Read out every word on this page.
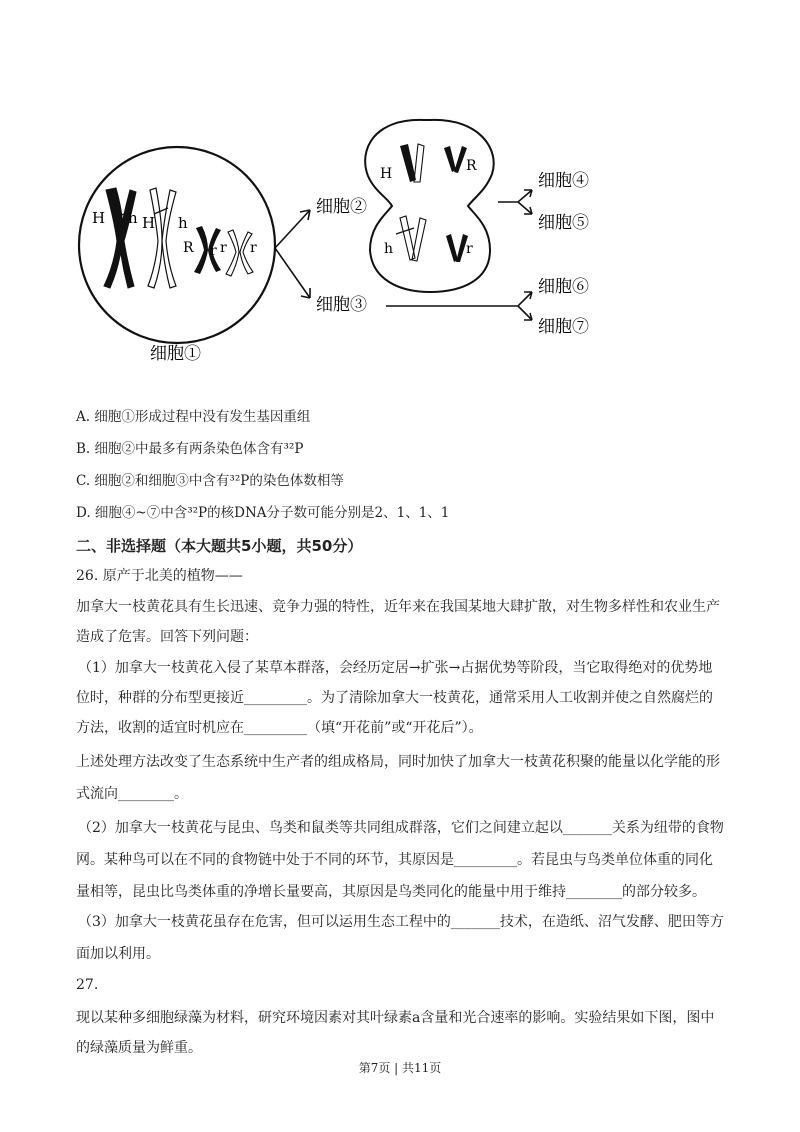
H h H h
R r r r
细胞①
细胞②
细胞③
H	R
h	r
细胞④
细胞⑤
细胞⑥
细胞⑦
A. 细胞①形成过程中没有发生基因重组
B. 细胞②中最多有两条染色体含有³²P
C. 细胞②和细胞③中含有³²P的染色体数相等
D. 细胞④~⑦中含³²P的核DNA分子数可能分别是2、1、1、1
二、非选择题（本大题共5小题，共50分）
26. 原产于北美的植物——
加拿大一枝黄花具有生长迅速、竞争力强的特性，近年来在我国某地大肆扩散，对生物多样性和农业生产
造成了危害。回答下列问题：
（1）加拿大一枝黄花入侵了某草本群落，会经历定居→扩张→占据优势等阶段，当它取得绝对的优势地
位时，种群的分布型更接近_________。为了清除加拿大一枝黄花，通常采用人工收割并使之自然腐烂的
方法，收割的适宜时机应在_________（填“开花前”或“开花后”）。
上述处理方法改变了生态系统中生产者的组成格局，同时加快了加拿大一枝黄花积聚的能量以化学能的形
式流向________。
（2）加拿大一枝黄花与昆虫、鸟类和鼠类等共同组成群落，它们之间建立起以_______关系为纽带的食物
网。某种鸟可以在不同的食物链中处于不同的环节，其原因是_________。若昆虫与鸟类单位体重的同化
量相等，昆虫比鸟类体重的净增长量要高，其原因是鸟类同化的能量中用于维持________的部分较多。
（3）加拿大一枝黄花虽存在危害，但可以运用生态工程中的_______技术，在造纸、沼气发酵、肥田等方
面加以利用。
27.
现以某种多细胞绿藻为材料，研究环境因素对其叶绿素a含量和光合速率的影响。实验结果如下图，图中
的绿藻质量为鲜重。
第7页 | 共11页
